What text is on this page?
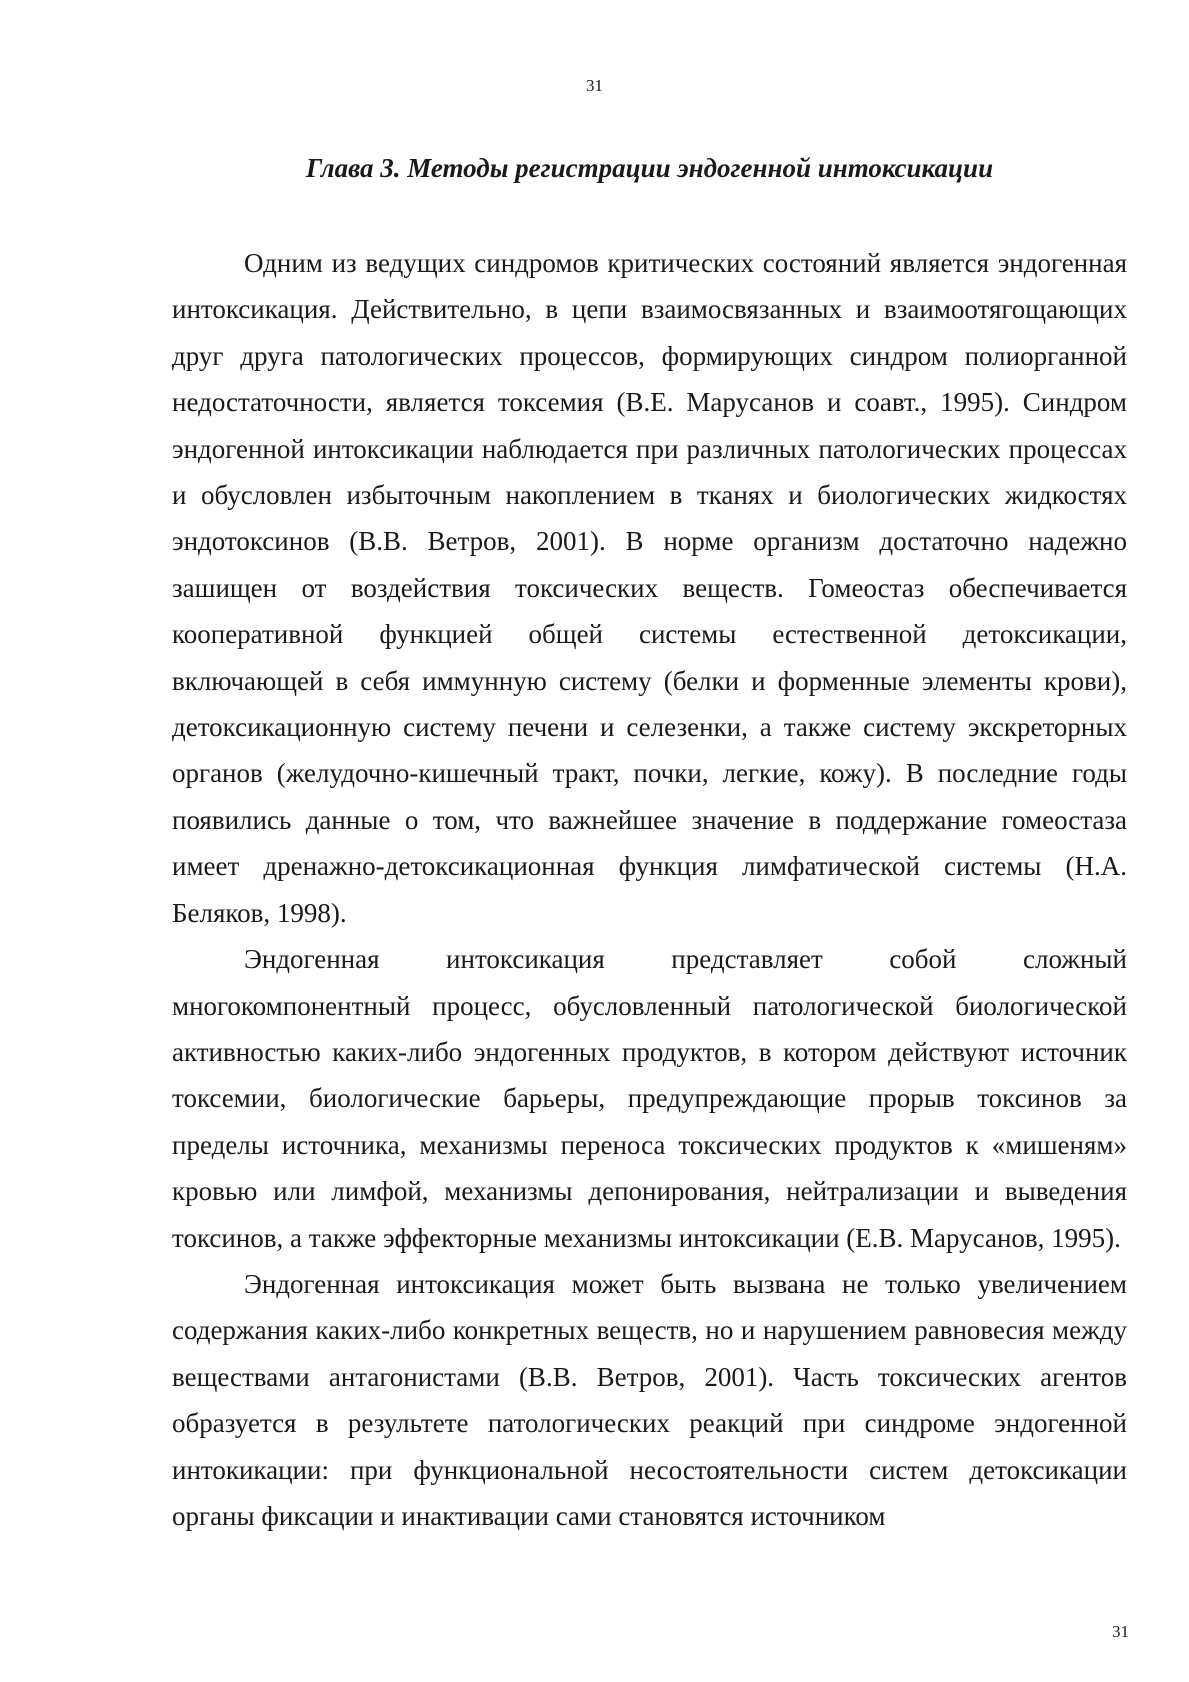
31
Глава 3. Методы регистрации эндогенной интоксикации

Одним из ведущих синдромов критических состояний является эндогенная интоксикация. Действительно, в цепи взаимосвязанных и взаимоотягощающих друг друга патологических процессов, формирующих синдром полиорганной недостаточности, является токсемия (В.Е. Марусанов и соавт., 1995). Синдром эндогенной интоксикации наблюдается при различных патологических процессах и обусловлен избыточным накоплением в тканях и биологических жидкостях эндотоксинов (В.В. Ветров, 2001). В норме организм достаточно надежно зашищен от воздействия токсических веществ. Гомеостаз обеспечивается кооперативной функцией общей системы естественной детоксикации, включающей в себя иммунную систему (белки и форменные элементы крови), детоксикационную систему печени и селезенки, а также систему экскреторных органов (желудочно-кишечный тракт, почки, легкие, кожу). В последние годы появились данные о том, что важнейшее значение в поддержание гомеостаза имеет дренажно-детоксикационная функция лимфатической системы (Н.А. Беляков, 1998).

Эндогенная интоксикация представляет собой сложный многокомпонентный процесс, обусловленный патологической биологической активностью каких-либо эндогенных продуктов, в котором действуют источник токсемии, биологические барьеры, предупреждающие прорыв токсинов за пределы источника, механизмы переноса токсических продуктов к «мишеням» кровью или лимфой, механизмы депонирования, нейтрализации и выведения токсинов, а также эффекторные механизмы интоксикации (Е.В. Марусанов, 1995).

Эндогенная интоксикация может быть вызвана не только увеличением содержания каких-либо конкретных веществ, но и нарушением равновесия между веществами антагонистами (В.В. Ветров, 2001). Часть токсических агентов образуется в результете патологических реакций при синдроме эндогенной интокикации: при функциональной несостоятельности систем детоксикации органы фиксации и инактивации сами становятся источником

31
